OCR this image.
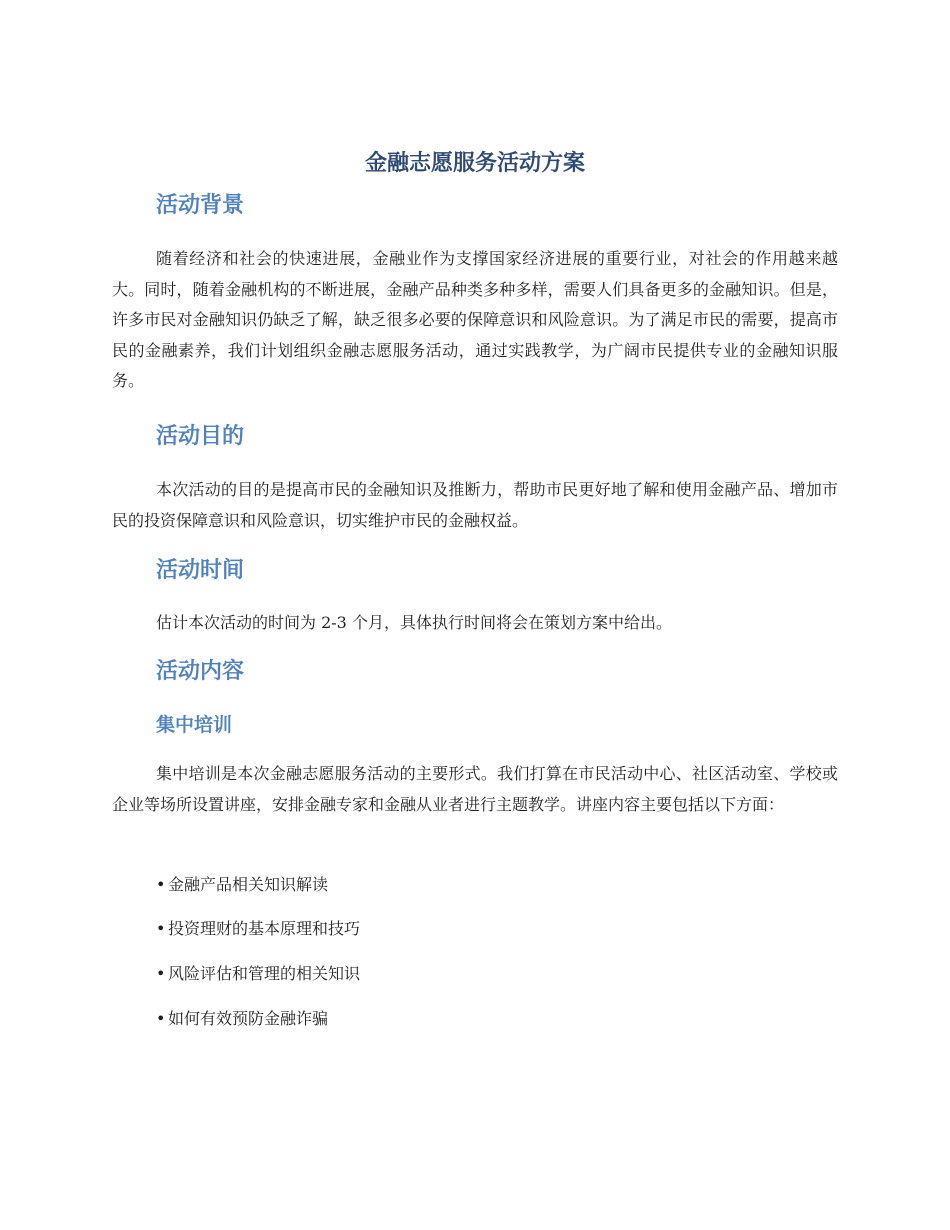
金融志愿服务活动方案
活动背景

随着经济和社会的快速进展，金融业作为支撑国家经济进展的重要行业，对社会的作用越来越大。同时，随着金融机构的不断进展，金融产品种类多种多样，需要人们具备更多的金融知识。但是，许多市民对金融知识仍缺乏了解，缺乏很多必要的保障意识和风险意识。为了满足市民的需要，提高市民的金融素养，我们计划组织金融志愿服务活动，通过实践教学，为广阔市民提供专业的金融知识服务。

活动目的

本次活动的目的是提高市民的金融知识及推断力，帮助市民更好地了解和使用金融产品、增加市民的投资保障意识和风险意识，切实维护市民的金融权益。

活动时间

估计本次活动的时间为 2-3 个月，具体执行时间将会在策划方案中给出。

活动内容
集中培训

集中培训是本次金融志愿服务活动的主要形式。我们打算在市民活动中心、社区活动室、学校或企业等场所设置讲座，安排金融专家和金融从业者进行主题教学。讲座内容主要包括以下方面：

• 金融产品相关知识解读

• 投资理财的基本原理和技巧

• 风险评估和管理的相关知识

• 如何有效预防金融诈骗
